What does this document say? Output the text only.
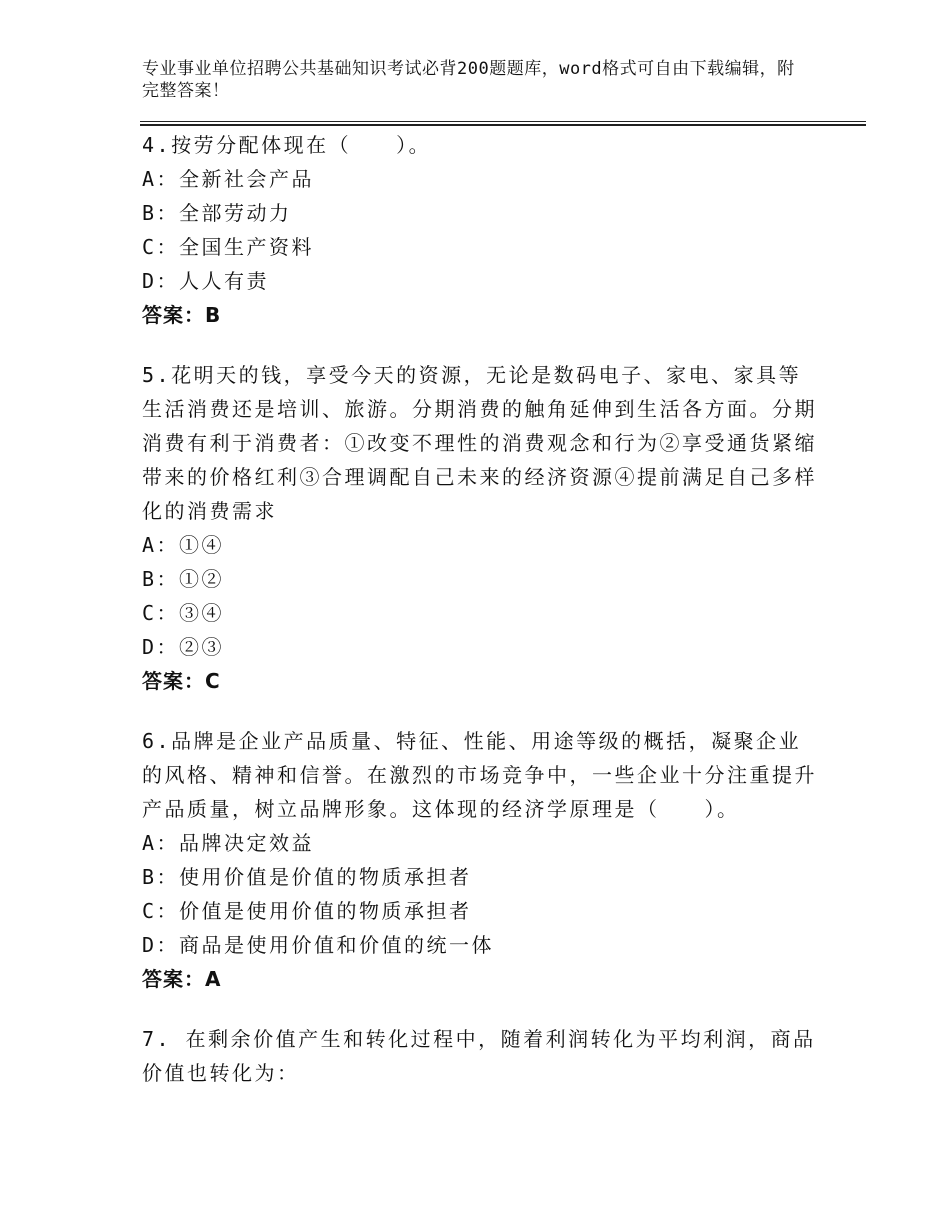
专业事业单位招聘公共基础知识考试必背200题题库，word格式可自由下载编辑，附完整答案！
4.按劳分配体现在（　　）。
A：全新社会产品
B：全部劳动力
C：全国生产资料
D：人人有责
答案：B
5.花明天的钱，享受今天的资源，无论是数码电子、家电、家具等生活消费还是培训、旅游。分期消费的触角延伸到生活各方面。分期消费有利于消费者：①改变不理性的消费观念和行为②享受通货紧缩带来的价格红利③合理调配自己未来的经济资源④提前满足自己多样化的消费需求
A：①④
B：①②
C：③④
D：②③
答案：C
6.品牌是企业产品质量、特征、性能、用途等级的概括，凝聚企业的风格、精神和信誉。在激烈的市场竞争中，一些企业十分注重提升产品质量，树立品牌形象。这体现的经济学原理是（　　）。
A：品牌决定效益
B：使用价值是价值的物质承担者
C：价值是使用价值的物质承担者
D：商品是使用价值和价值的统一体
答案：A
7. 在剩余价值产生和转化过程中，随着利润转化为平均利润，商品价值也转化为：
